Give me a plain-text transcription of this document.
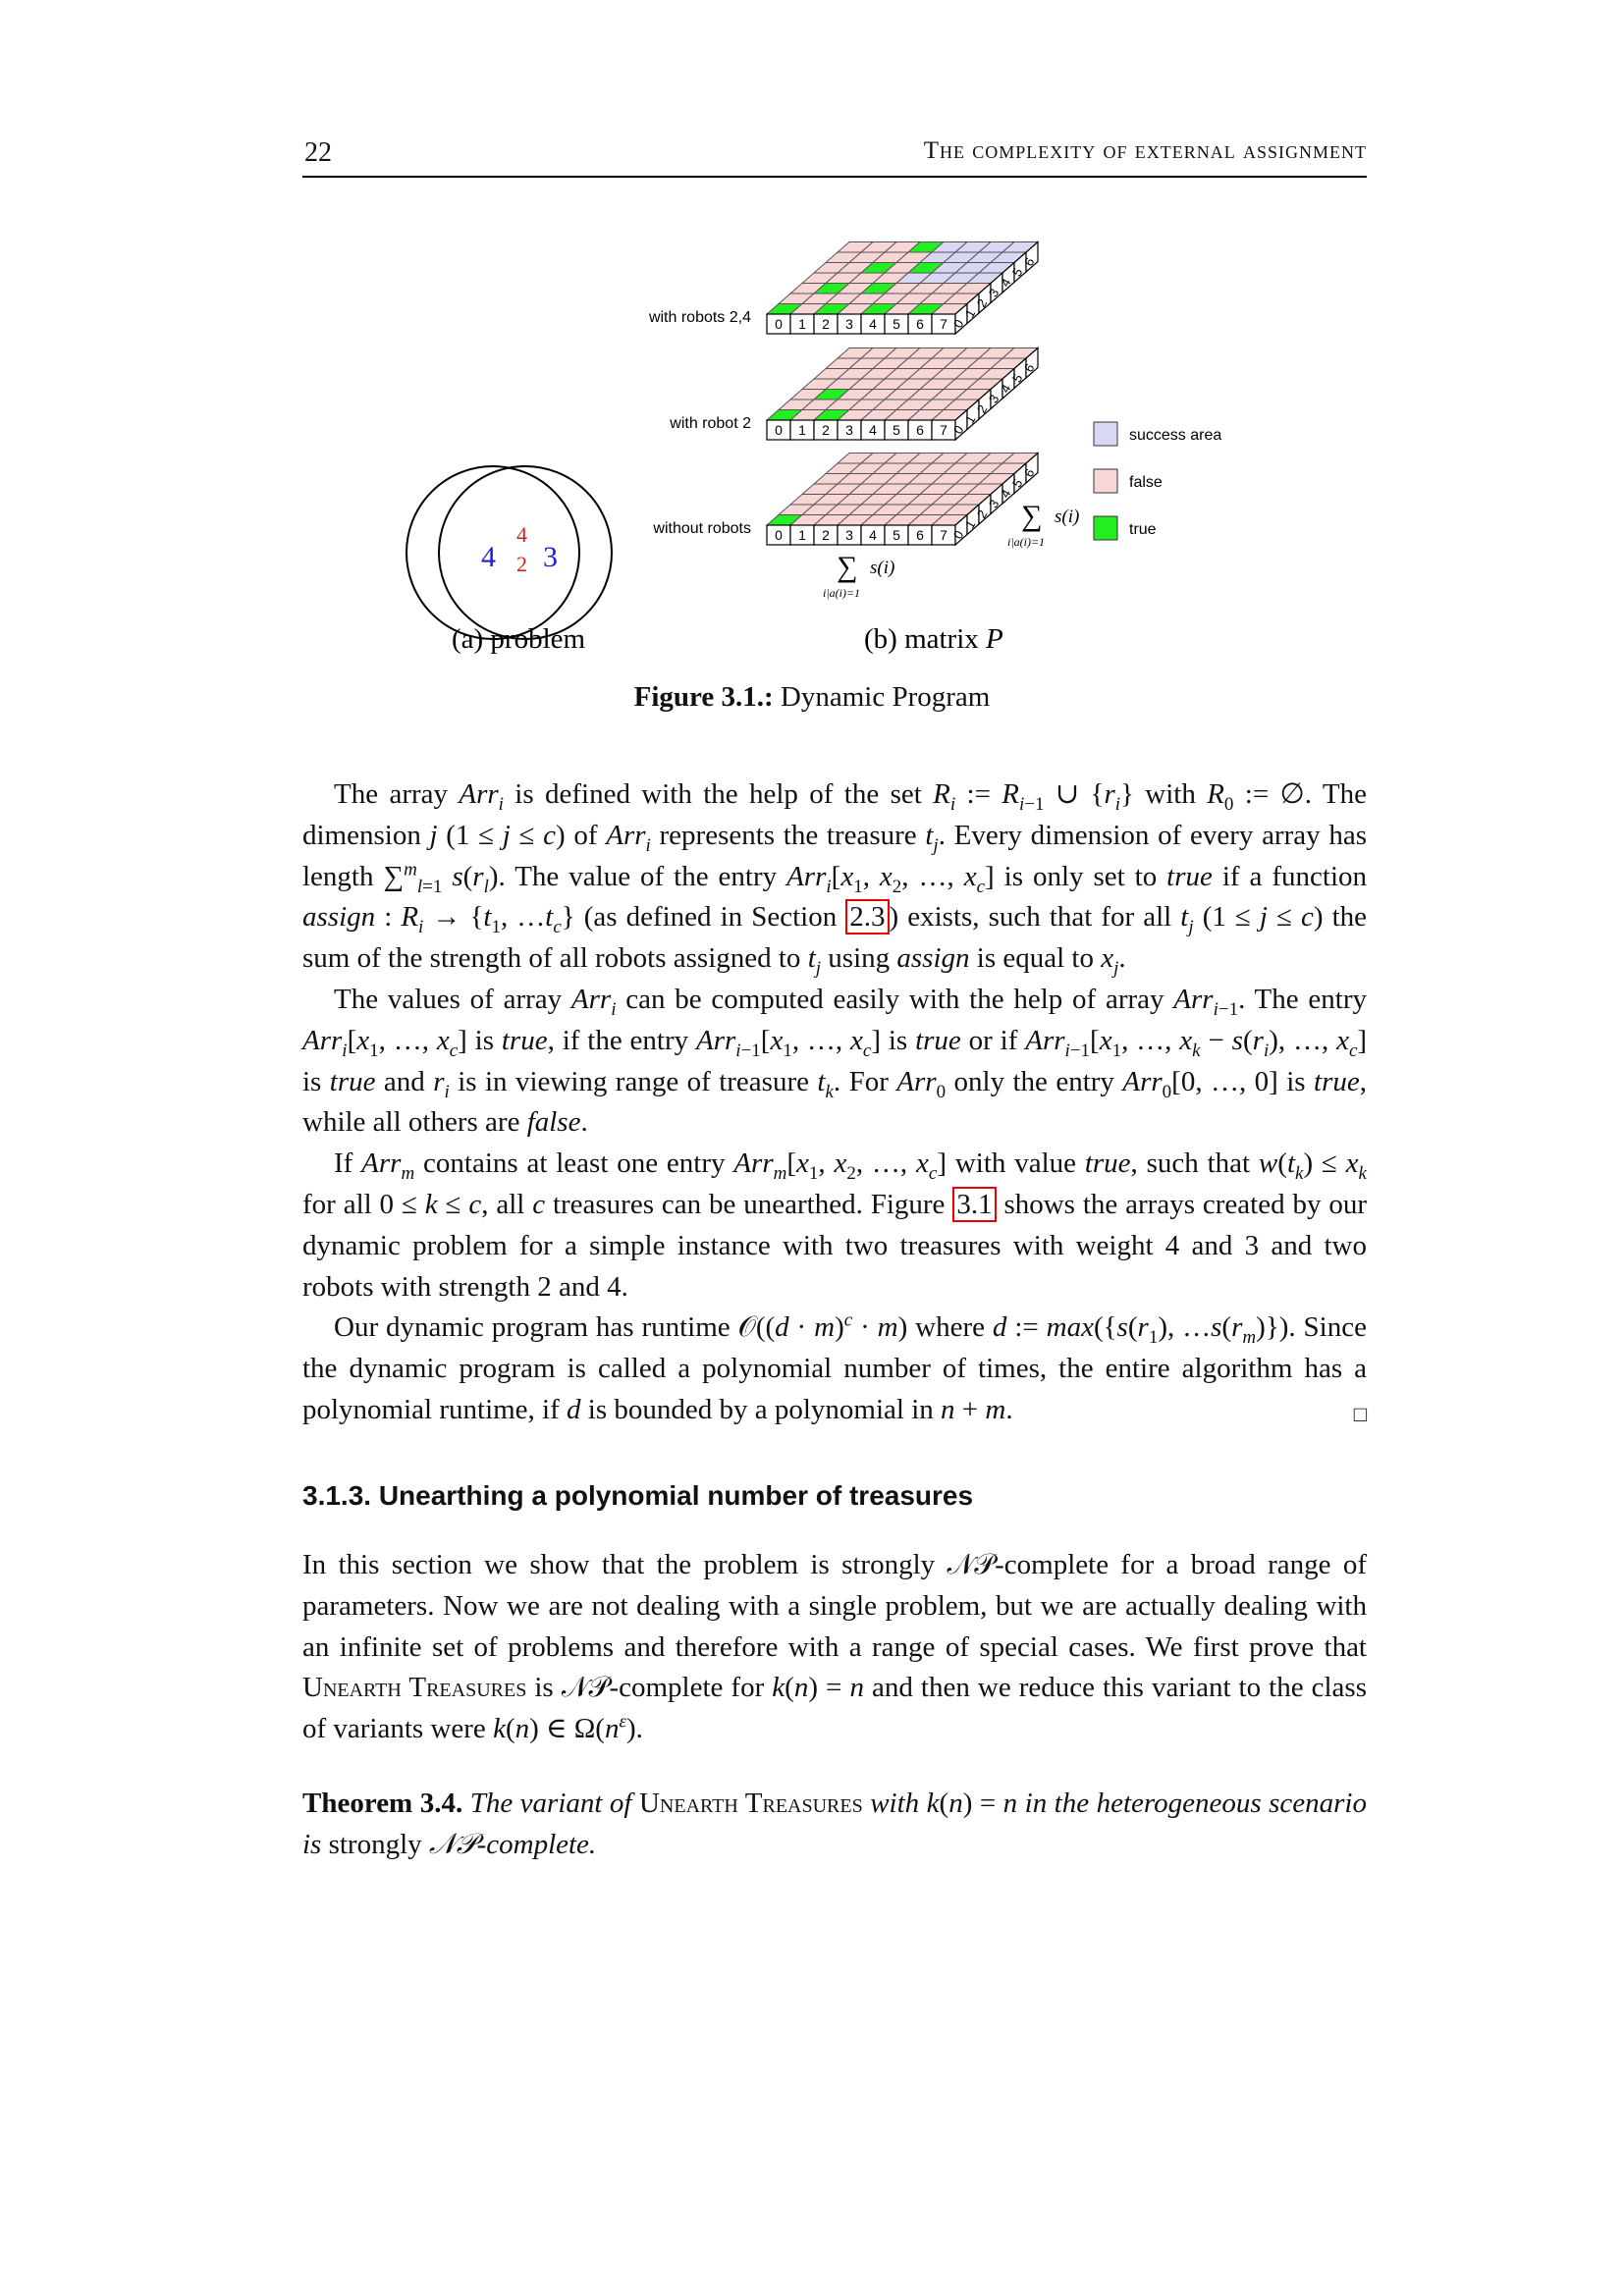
22	The complexity of external assignment
4
4
2 3
0 1 2 3 4 5 6 7 0
1
2
3
4
5
6
with robots 2,4
0 1 2 3 4 5 6 7 0
1
2
3
4
5
6
with robot 2
0 1 2 3 4 5 6 7 0
1
2
3
4
5
6
without robots
success area
false
true
∑ s(i)
i|a(i)=1
∑ s(i)
i|a(i)=1
(a) problem	(b) matrix P
Figure 3.1.: Dynamic Program

The array Arr$_i$ is defined with the help of the set $R_i$ := $R_{i-1}$ ∪ $\{r_i\}$ with $R_0$ := ∅. The dimension j (1 ≤ j ≤ c) of Arr$_i$ represents the treasure $t_j$. Every dimension of every array has length ∑$^m_{l=1}$ $s(r_l)$. The value of the entry $Arr_i[x_1$, $x_2$, …, $x_c$] is only set to true if a function assign : $R_i \to \{t_1$, $\dots t_c$} (as defined in Section 2.3 ) exists, such that for all $t_j$ (1 ≤ j ≤ c) the sum of the strength of all robots assigned to $t_j$ using assign is equal to $x_j$.

The values of array Arr$_i$ can be computed easily with the help of array Arr$_{i-1}$. The entry $Arr_i[x_1$, …, $x_c$] is true, if the entry $Arr_{i-1}[x_1$, …, $x_c$] is true or if $Arr_{i-1}[x_1$, …, $x_k - s(r_i)$, …, $x_c$] is true and $r_i$ is in viewing range of treasure $t_k$. For Arr$_0$ only the entry Arr$_0$[0, …, 0] is true, while all others are false.

If Arr$_m$ contains at least one entry $Arr_m[x_1$, $x_2$, …, $x_c$] with value true, such that $w(t_k) \le x_k$ for all 0 ≤ k ≤ c, all c treasures can be unearthed. Figure 3.1 shows the arrays created by our dynamic problem for a simple instance with two treasures with weight 4 and 3 and two robots with strength 2 and 4.

Our dynamic program has runtime 𝒪((d · m)$^c$ · m) where d := $\max(\{s(r_1)$, $\dots s(r_m)$}). Since the dynamic program is called a polynomial number of times, the entire algorithm has a polynomial runtime, if d is bounded by a polynomial in n + m.	□

3.1.3. Unearthing a polynomial number of treasures

In this section we show that the problem is strongly 𝒩𝒫-complete for a broad range of parameters. Now we are not dealing with a single problem, but we are actually dealing with an infinite set of problems and therefore with a range of special cases. We first prove that Unearth Treasures is 𝒩𝒫-complete for k(n) = n and then we reduce this variant to the class of variants were k(n) ∈ $\Omega(n^\varepsilon)$.

Theorem 3.4. The variant of Unearth Treasures with k(n) = n in the heterogeneous scenario is strongly 𝒩𝒫-complete.
